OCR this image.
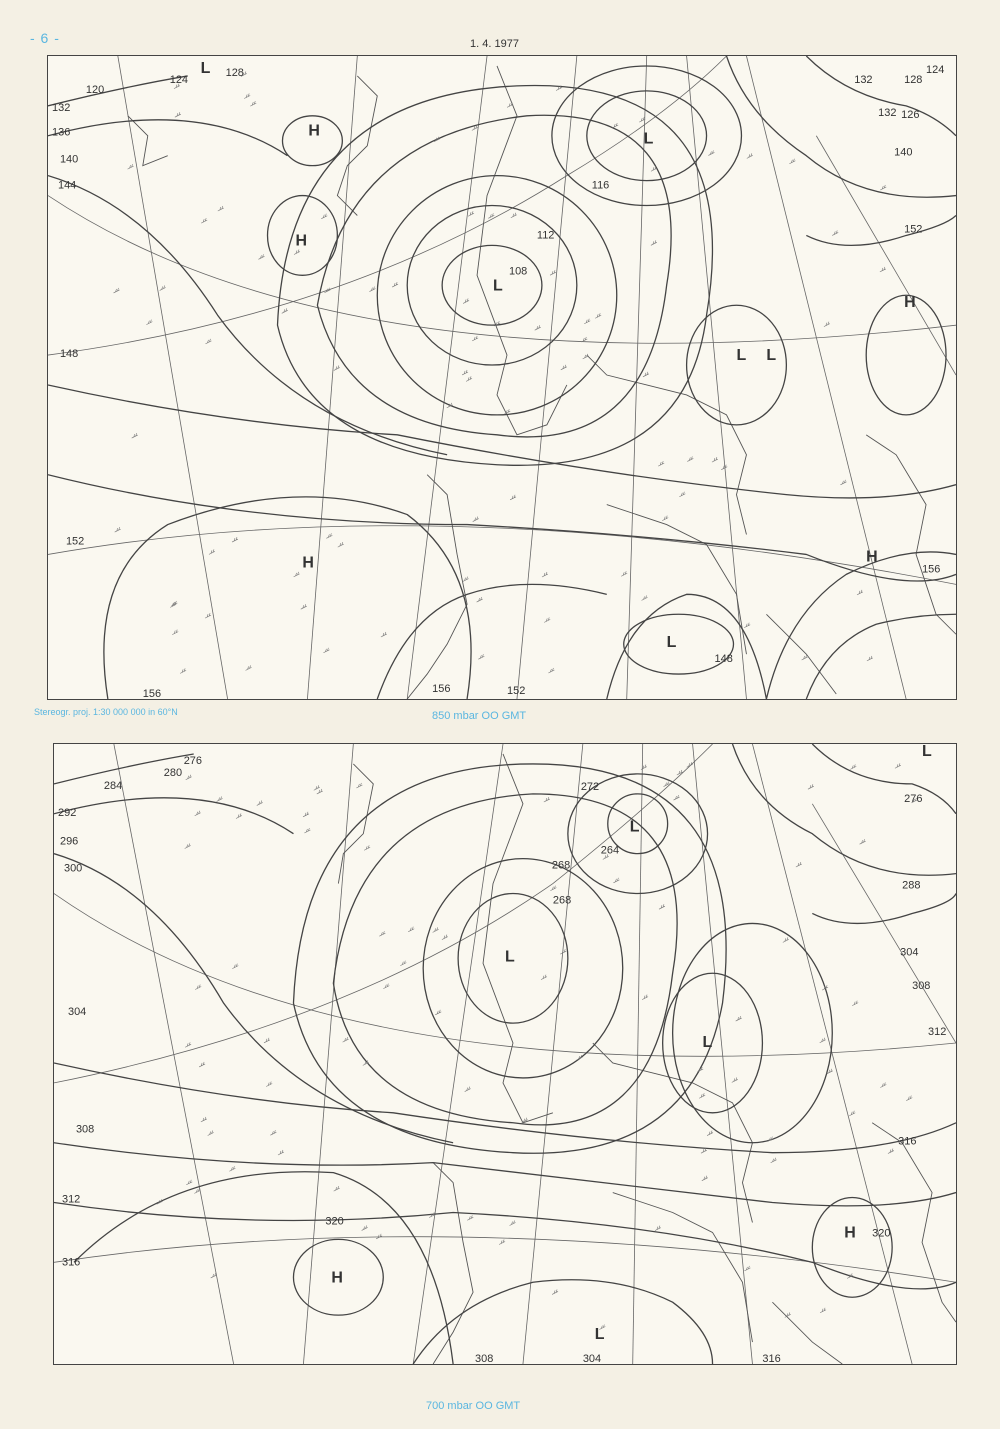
- 6 -	1. 4. 1977
L
H
H
L
L
L
H
H	H
L
L
124
128
132
136
140
144
148
152
156
120
116
112
108
152
156
148
140
132
128
124
126
156
132
152
Stereogr. proj. 1:30 000 000 in 60°N	850 mbar OO GMT
L
L
L
L
H
H
L
280
276
284
292
296
300
304
308
312
316
320
264
268
272
288
304
308
312
316
320
304	316
308
276
268
700 mbar OO GMT
